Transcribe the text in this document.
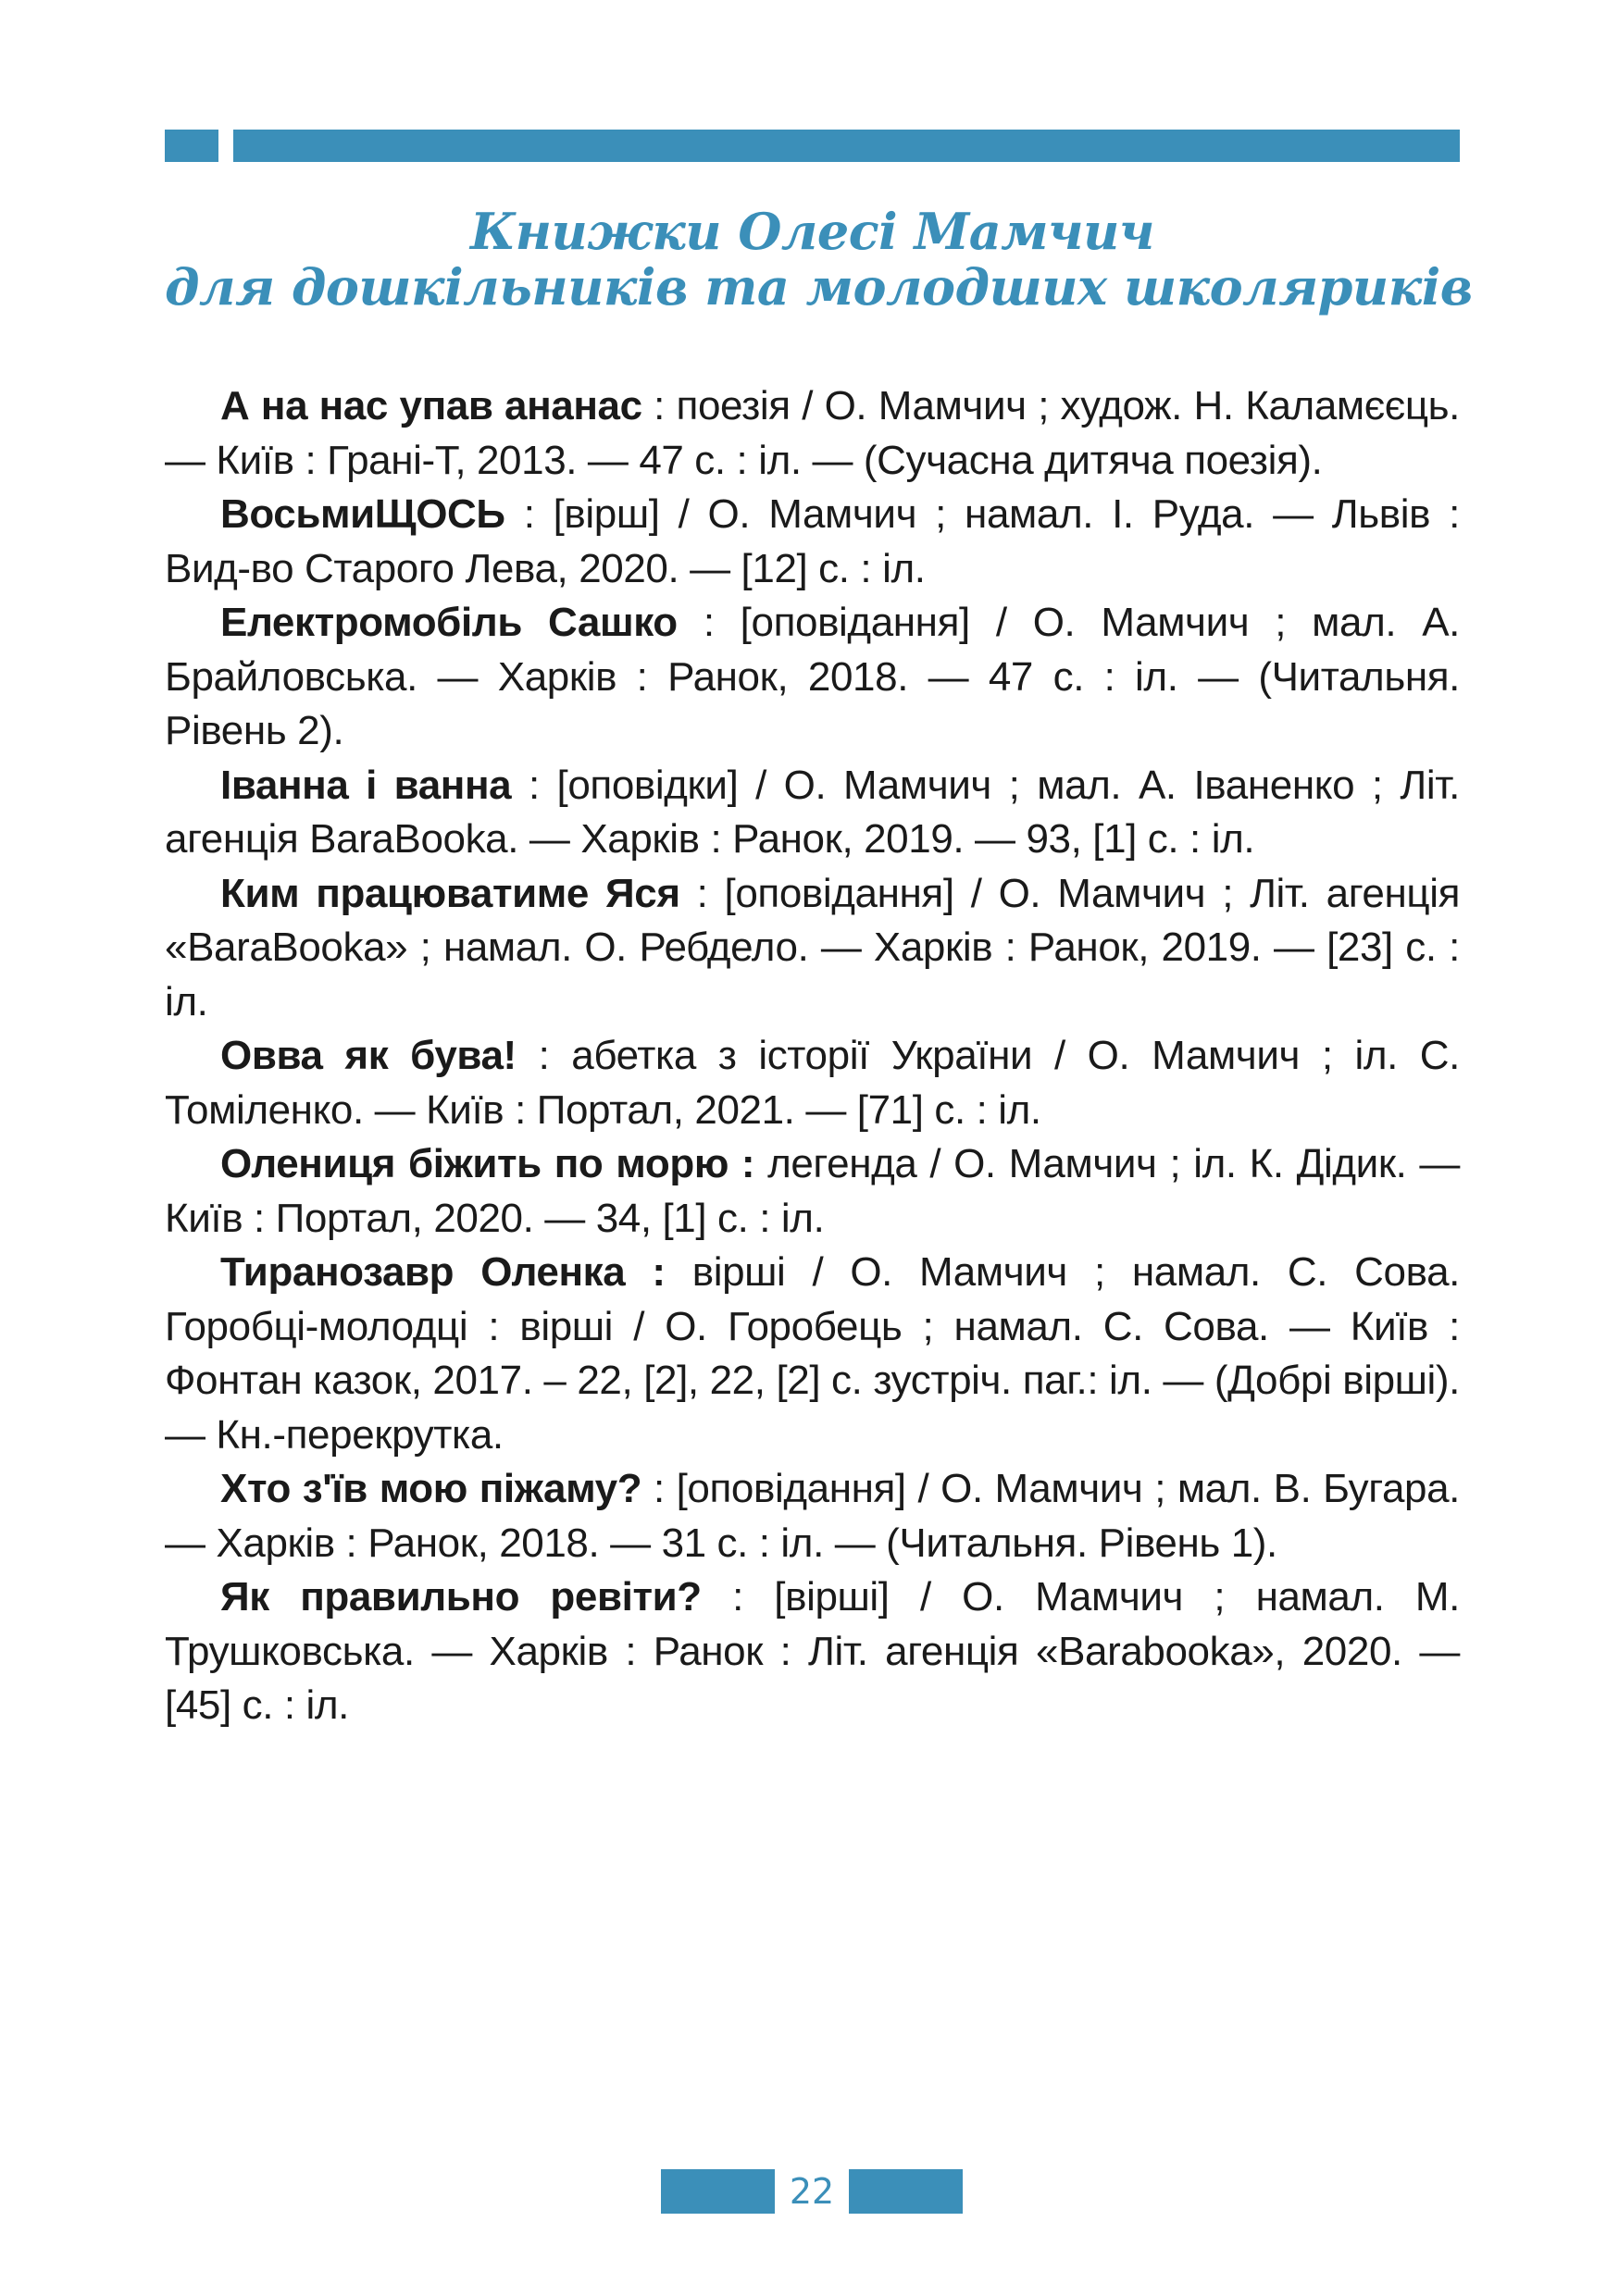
Книжки Олесі Мамчич
для дошкільників та молодших школяриків

А на нас упав ананас : поезія / О. Мамчич ; худож. Н. Каламєєць. — Київ : Грані-Т, 2013. — 47 с. : іл. — (Сучасна дитяча поезія).

ВосьмиЩОСЬ : [вірш] / О. Мамчич ; намал. І. Руда. — Львів : Вид-во Старого Лева, 2020. — [12] с. : іл.

Електромобіль Сашко : [оповідання] / О. Мамчич ; мал. А. Брайловська. — Харків : Ранок, 2018. — 47 с. : іл. — (Читальня. Рівень 2).

Іванна і ванна : [оповідки] / О. Мамчич ; мал. А. Іваненко ; Літ. агенція BaraBooka. — Харків : Ранок, 2019. — 93, [1] с. : іл.

Ким працюватиме Яся : [оповідання] / О. Мамчич ; Літ. агенція «BaraBooka» ; намал. О. Ребдело. — Харків : Ранок, 2019. — [23] с. : іл.

Овва як бува! : абетка з історії України / О. Мамчич ; іл. С. Томіленко. — Київ : Портал, 2021. — [71] с. : іл.

Олениця біжить по морю : легенда / О. Мамчич ; іл. К. Дідик. — Київ : Портал, 2020. — 34, [1] с. : іл.

Тиранозавр Оленка : вірші / О. Мамчич ; намал. С. Сова. Горобці-молодці : вірші / О. Горобець ; намал. С. Сова. — Київ : Фонтан казок, 2017. – 22, [2], 22, [2] с. зустріч. паг.: іл. — (Добрі вірші). — Кн.-перекрутка.

Хто з'їв мою піжаму? : [оповідання] / О. Мамчич ; мал. В. Бугара. — Харків : Ранок, 2018. — 31 с. : іл. — (Читальня. Рівень 1).

Як правильно ревіти? : [вірші] / О. Мамчич ; намал. М. Трушковська. — Харків : Ранок : Літ. агенція «Barabooka», 2020. — [45] с. : іл.

22
